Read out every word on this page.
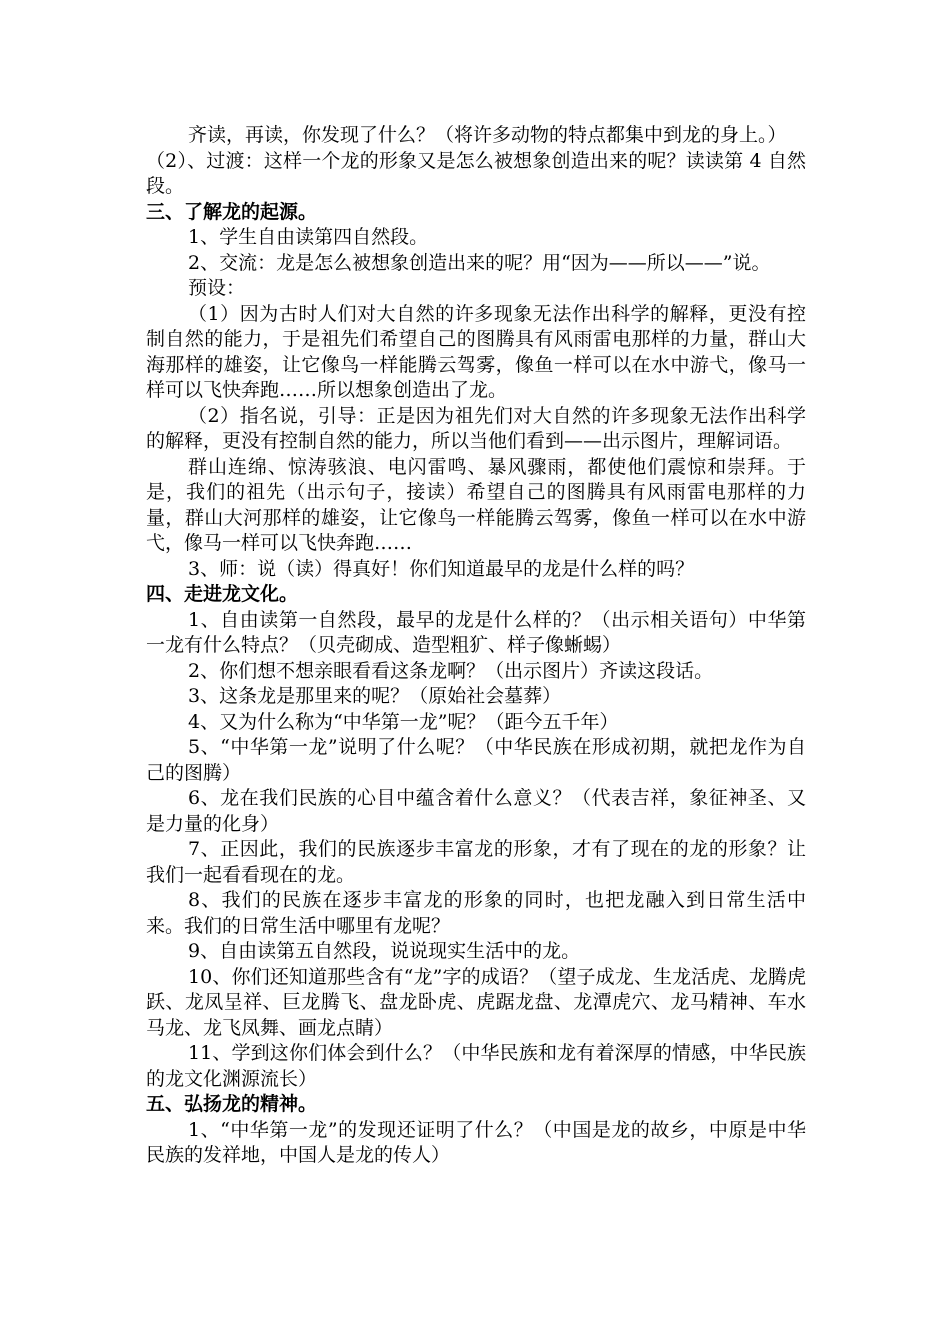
齐读，再读，你发现了什么？（将许多动物的特点都集中到龙的身上。）

（2）、过渡：这样一个龙的形象又是怎么被想象创造出来的呢？读读第 4 自然段。

三、了解龙的起源。

1、学生自由读第四自然段。

2、交流：龙是怎么被想象创造出来的呢？用“因为——所以——”说。

预设：

（1）因为古时人们对大自然的许多现象无法作出科学的解释，更没有控制自然的能力，于是祖先们希望自己的图腾具有风雨雷电那样的力量，群山大海那样的雄姿，让它像鸟一样能腾云驾雾，像鱼一样可以在水中游弋，像马一样可以飞快奔跑……所以想象创造出了龙。

（2）指名说，引导：正是因为祖先们对大自然的许多现象无法作出科学的解释，更没有控制自然的能力，所以当他们看到——出示图片，理解词语。

群山连绵、惊涛骇浪、电闪雷鸣、暴风骤雨，都使他们震惊和崇拜。于是，我们的祖先（出示句子，接读）希望自己的图腾具有风雨雷电那样的力量，群山大河那样的雄姿，让它像鸟一样能腾云驾雾，像鱼一样可以在水中游弋，像马一样可以飞快奔跑……

3、师：说（读）得真好！你们知道最早的龙是什么样的吗？

四、走进龙文化。

1、自由读第一自然段，最早的龙是什么样的？（出示相关语句）中华第一龙有什么特点？（贝壳砌成、造型粗犷、样子像蜥蜴）

2、你们想不想亲眼看看这条龙啊？（出示图片）齐读这段话。

3、这条龙是那里来的呢？（原始社会墓葬）

4、又为什么称为“中华第一龙”呢？（距今五千年）

5、“中华第一龙”说明了什么呢？（中华民族在形成初期，就把龙作为自己的图腾）

6、龙在我们民族的心目中蕴含着什么意义？（代表吉祥，象征神圣、又是力量的化身）

7、正因此，我们的民族逐步丰富龙的形象，才有了现在的龙的形象？让我们一起看看现在的龙。

8、我们的民族在逐步丰富龙的形象的同时，也把龙融入到日常生活中来。我们的日常生活中哪里有龙呢？

9、自由读第五自然段，说说现实生活中的龙。

10、你们还知道那些含有“龙”字的成语？（望子成龙、生龙活虎、龙腾虎跃、龙凤呈祥、巨龙腾飞、盘龙卧虎、虎踞龙盘、龙潭虎穴、龙马精神、车水马龙、龙飞凤舞、画龙点睛）

11、学到这你们体会到什么？（中华民族和龙有着深厚的情感，中华民族的龙文化渊源流长）

五、弘扬龙的精神。

1、“中华第一龙”的发现还证明了什么？（中国是龙的故乡，中原是中华民族的发祥地，中国人是龙的传人）
